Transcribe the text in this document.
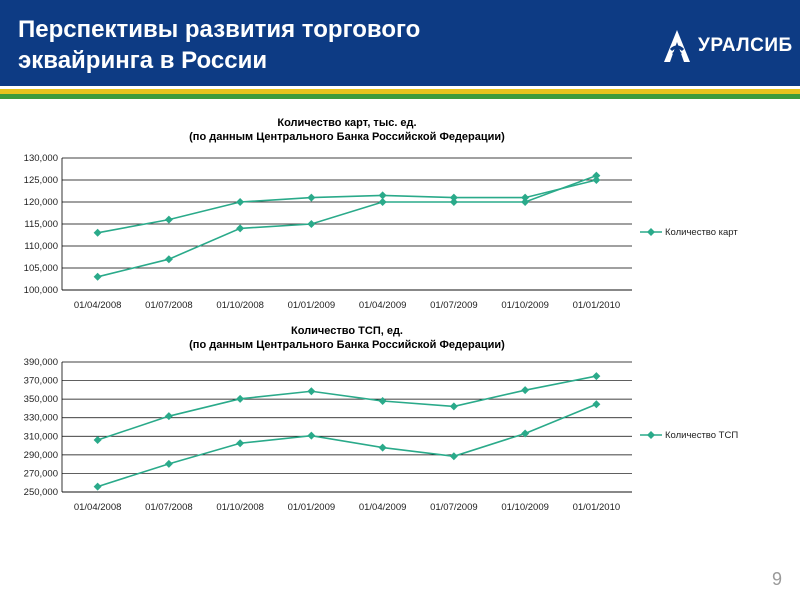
Перспективы развития торгового
эквайринга в России
УРАЛСИБ
Количество карт, тыс. ед.
(по данным Центрального Банка Российской Федерации)
100,000
105,000
110,000
115,000
120,000
125,000
130,000
01/04/2008 01/07/2008 01/10/2008 01/01/2009 01/04/2009 01/07/2009 01/10/2009 01/01/2010
Количество карт
Количество ТСП, ед.
(по данным Центрального Банка Российской Федерации)
250,000
270,000
290,000
310,000
330,000
350,000
370,000
390,000
01/04/2008 01/07/2008 01/10/2008 01/01/2009 01/04/2009 01/07/2009 01/10/2009 01/01/2010
Количество ТСП
9
